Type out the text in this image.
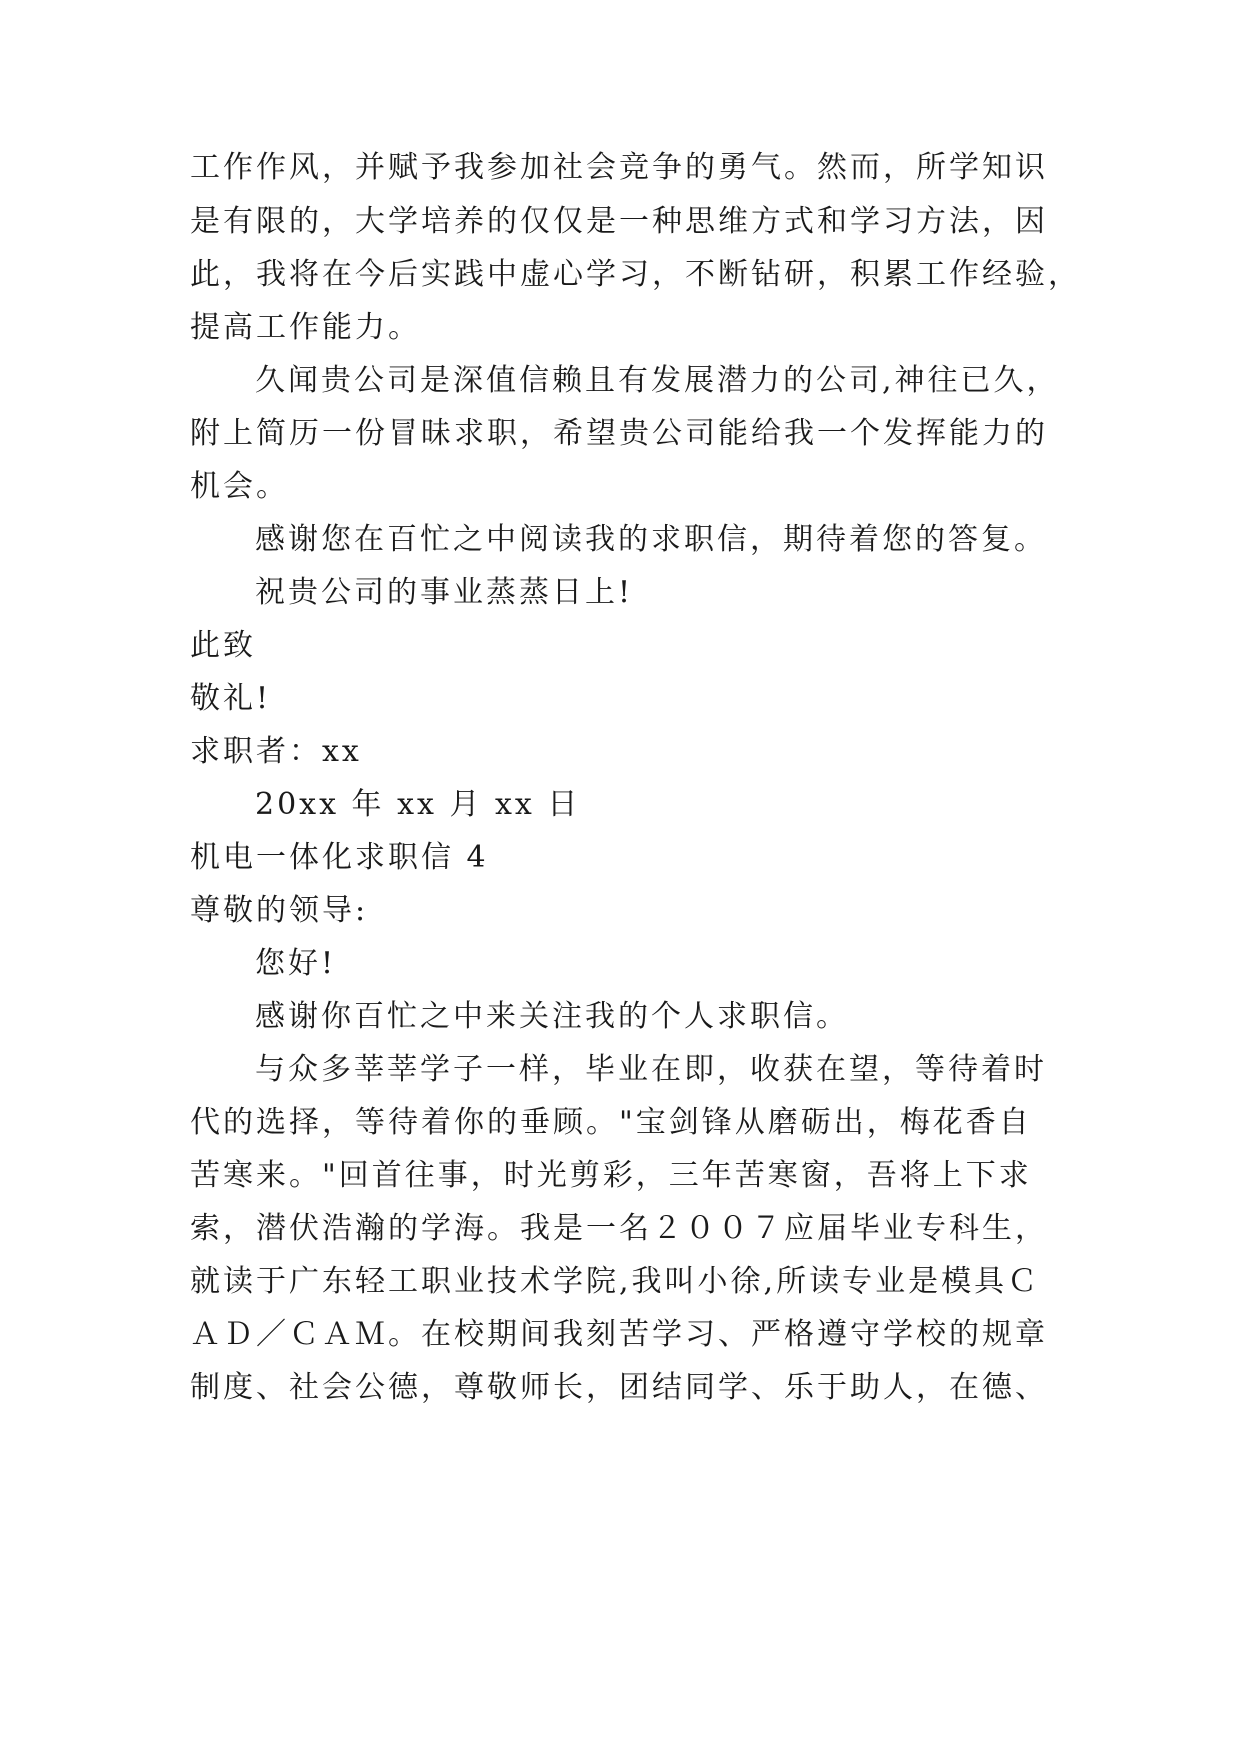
工作作风，并赋予我参加社会竞争的勇气。然而，所学知识
是有限的，大学培养的仅仅是一种思维方式和学习方法，因
此，我将在今后实践中虚心学习，不断钻研，积累工作经验，
提高工作能力。
久闻贵公司是深值信赖且有发展潜力的公司,神往已久，
附上简历一份冒昧求职，希望贵公司能给我一个发挥能力的
机会。
感谢您在百忙之中阅读我的求职信，期待着您的答复。
祝贵公司的事业蒸蒸日上!
此致
敬礼!
求职者：xx
20xx 年 xx 月 xx 日
机电一体化求职信 4
尊敬的领导:
您好!
感谢你百忙之中来关注我的个人求职信。
与众多莘莘学子一样，毕业在即，收获在望，等待着时
代的选择，等待着你的垂顾。"宝剑锋从磨砺出，梅花香自
苦寒来。"回首往事，时光剪彩，三年苦寒窗，吾将上下求
索，潜伏浩瀚的学海。我是一名２００７应届毕业专科生，
就读于广东轻工职业技术学院,我叫小徐,所读专业是模具Ｃ
ＡＤ／ＣＡＭ。在校期间我刻苦学习、严格遵守学校的规章
制度、社会公德，尊敬师长，团结同学、乐于助人，在德、
